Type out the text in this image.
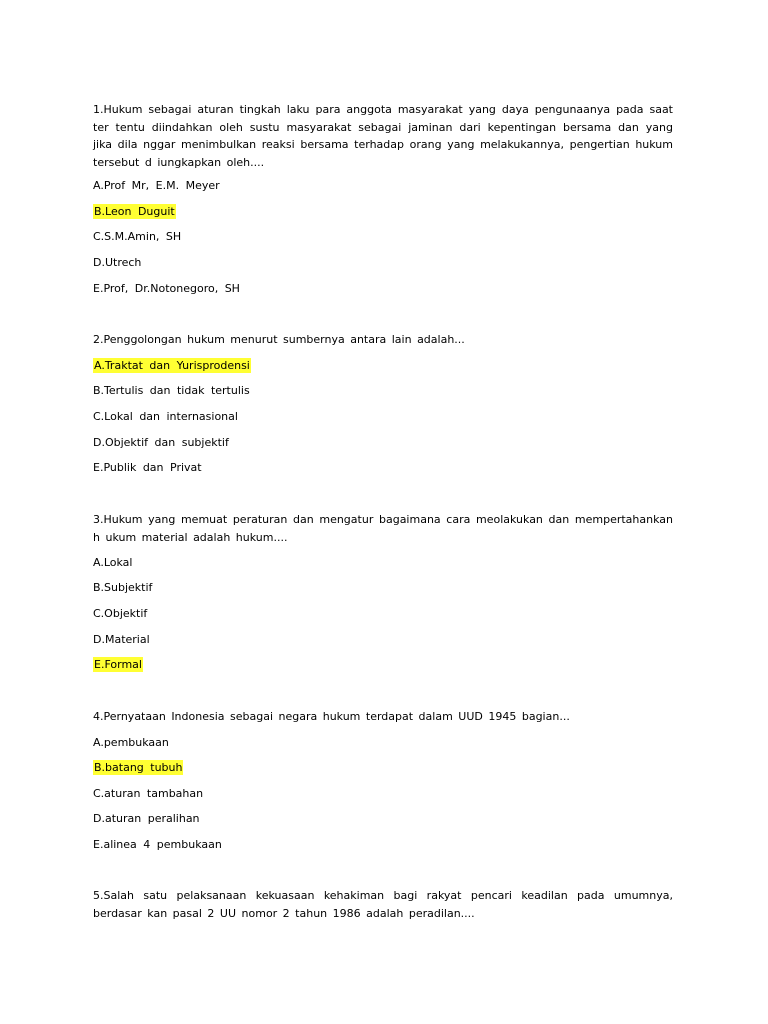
1.Hukum sebagai aturan tingkah laku para anggota masyarakat yang daya pengunaanya pada saat ter tentu diindahkan oleh sustu masyarakat sebagai jaminan dari kepentingan bersama dan yang jika dila nggar menimbulkan reaksi bersama terhadap orang yang melakukannya, pengertian hukum tersebut d iungkapkan oleh....

A.Prof Mr, E.M. Meyer

B.Leon Duguit

C.S.M.Amin, SH

D.Utrech

E.Prof, Dr.Notonegoro, SH

2.Penggolongan hukum menurut sumbernya antara lain adalah...

A.Traktat dan Yurisprodensi

B.Tertulis dan tidak tertulis

C.Lokal dan internasional

D.Objektif dan subjektif

E.Publik dan Privat

3.Hukum yang memuat peraturan dan mengatur bagaimana cara meolakukan dan mempertahankan h ukum material adalah hukum....

A.Lokal

B.Subjektif

C.Objektif

D.Material

E.Formal

4.Pernyataan Indonesia sebagai negara hukum terdapat dalam UUD 1945 bagian...

A.pembukaan

B.batang tubuh

C.aturan tambahan

D.aturan peralihan

E.alinea 4 pembukaan

5.Salah satu pelaksanaan kekuasaan kehakiman bagi rakyat pencari keadilan pada umumnya, berdasar kan pasal 2 UU nomor 2 tahun 1986 adalah peradilan....
